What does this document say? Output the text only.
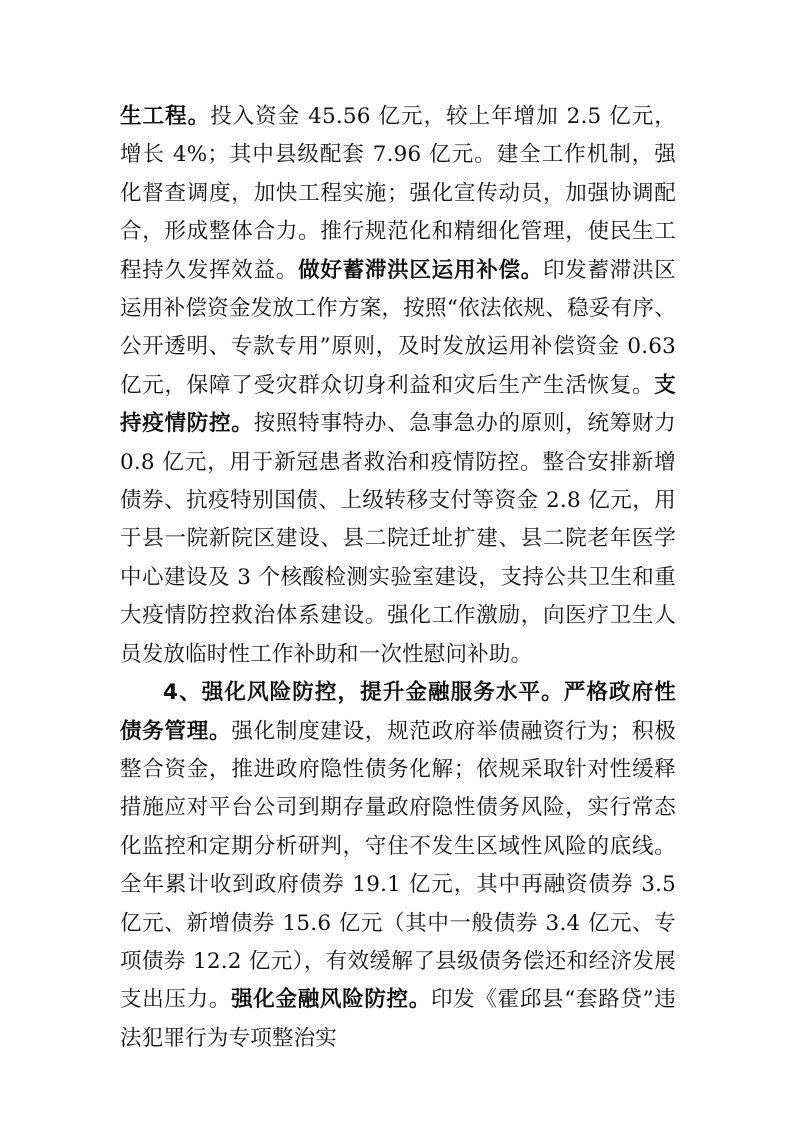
生工程。投入资金 45.56 亿元，较上年增加 2.5 亿元，增长 4%；其中县级配套 7.96 亿元。建全工作机制，强化督查调度，加快工程实施；强化宣传动员，加强协调配合，形成整体合力。推行规范化和精细化管理，使民生工程持久发挥效益。做好蓄滞洪区运用补偿。印发蓄滞洪区运用补偿资金发放工作方案，按照“依法依规、稳妥有序、公开透明、专款专用”原则，及时发放运用补偿资金 0.63 亿元，保障了受灾群众切身利益和灾后生产生活恢复。支持疫情防控。按照特事特办、急事急办的原则，统筹财力 0.8 亿元，用于新冠患者救治和疫情防控。整合安排新增债券、抗疫特别国债、上级转移支付等资金 2.8 亿元，用于县一院新院区建设、县二院迁址扩建、县二院老年医学中心建设及 3 个核酸检测实验室建设，支持公共卫生和重大疫情防控救治体系建设。强化工作激励，向医疗卫生人员发放临时性工作补助和一次性慰问补助。

4、强化风险防控，提升金融服务水平。严格政府性债务管理。强化制度建设，规范政府举债融资行为；积极整合资金，推进政府隐性债务化解；依规采取针对性缓释措施应对平台公司到期存量政府隐性债务风险，实行常态化监控和定期分析研判，守住不发生区域性风险的底线。全年累计收到政府债券 19.1 亿元，其中再融资债券 3.5 亿元、新增债券 15.6 亿元（其中一般债券 3.4 亿元、专项债券 12.2 亿元），有效缓解了县级债务偿还和经济发展支出压力。强化金融风险防控。印发《霍邱县“套路贷”违法犯罪行为专项整治实
